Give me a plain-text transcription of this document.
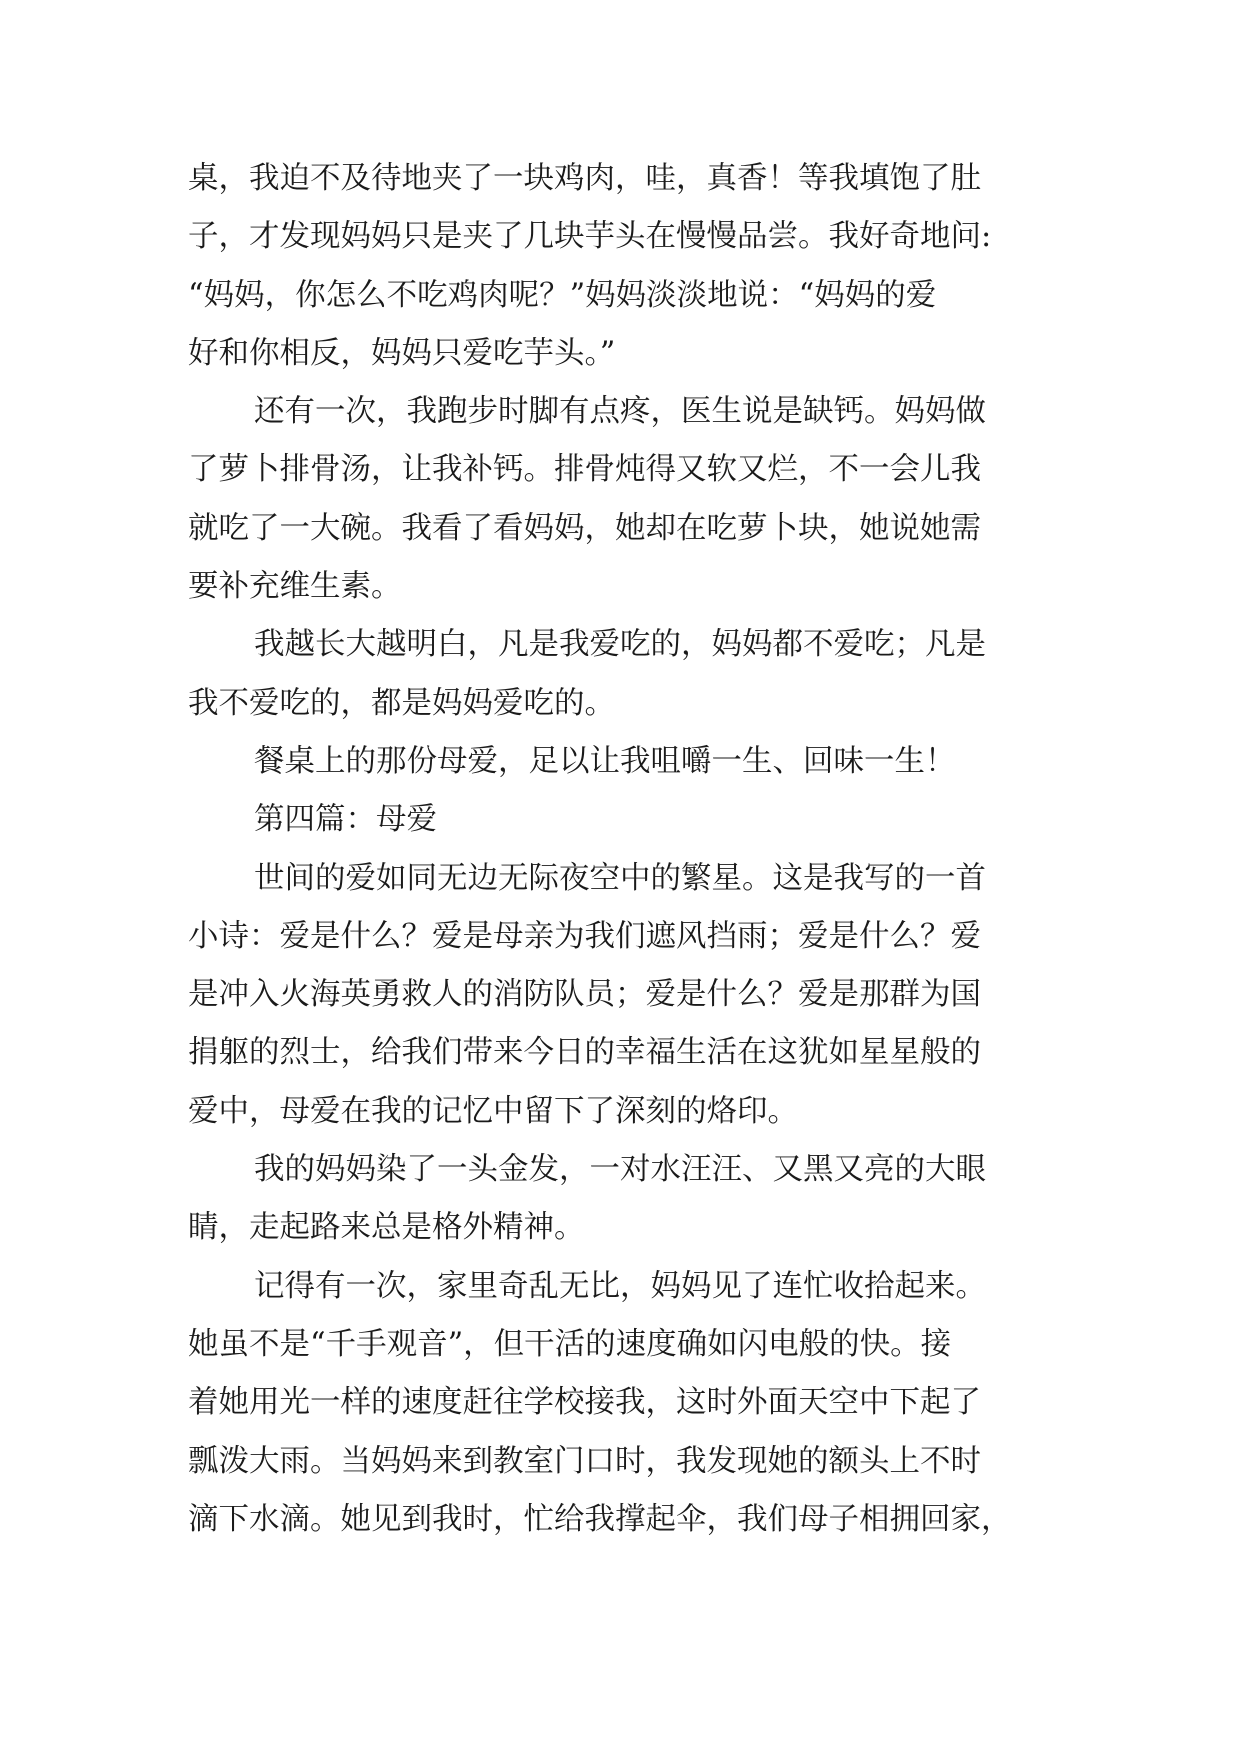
桌，我迫不及待地夹了一块鸡肉，哇，真香！等我填饱了肚
子，才发现妈妈只是夹了几块芋头在慢慢品尝。我好奇地问:
“妈妈，你怎么不吃鸡肉呢？”妈妈淡淡地说：“妈妈的爱
好和你相反，妈妈只爱吃芋头。”
还有一次，我跑步时脚有点疼，医生说是缺钙。妈妈做
了萝卜排骨汤，让我补钙。排骨炖得又软又烂，不一会儿我
就吃了一大碗。我看了看妈妈，她却在吃萝卜块，她说她需
要补充维生素。
我越长大越明白，凡是我爱吃的，妈妈都不爱吃；凡是
我不爱吃的，都是妈妈爱吃的。
餐桌上的那份母爱，足以让我咀嚼一生、回味一生！
第四篇：母爱
世间的爱如同无边无际夜空中的繁星。这是我写的一首
小诗：爱是什么？爱是母亲为我们遮风挡雨；爱是什么？爱
是冲入火海英勇救人的消防队员；爱是什么？爱是那群为国
捐躯的烈士，给我们带来今日的幸福生活在这犹如星星般的
爱中，母爱在我的记忆中留下了深刻的烙印。
我的妈妈染了一头金发，一对水汪汪、又黑又亮的大眼
睛，走起路来总是格外精神。
记得有一次，家里奇乱无比，妈妈见了连忙收拾起来。
她虽不是“千手观音”，但干活的速度确如闪电般的快。接
着她用光一样的速度赶往学校接我，这时外面天空中下起了
瓢泼大雨。当妈妈来到教室门口时，我发现她的额头上不时
滴下水滴。她见到我时，忙给我撑起伞，我们母子相拥回家，
